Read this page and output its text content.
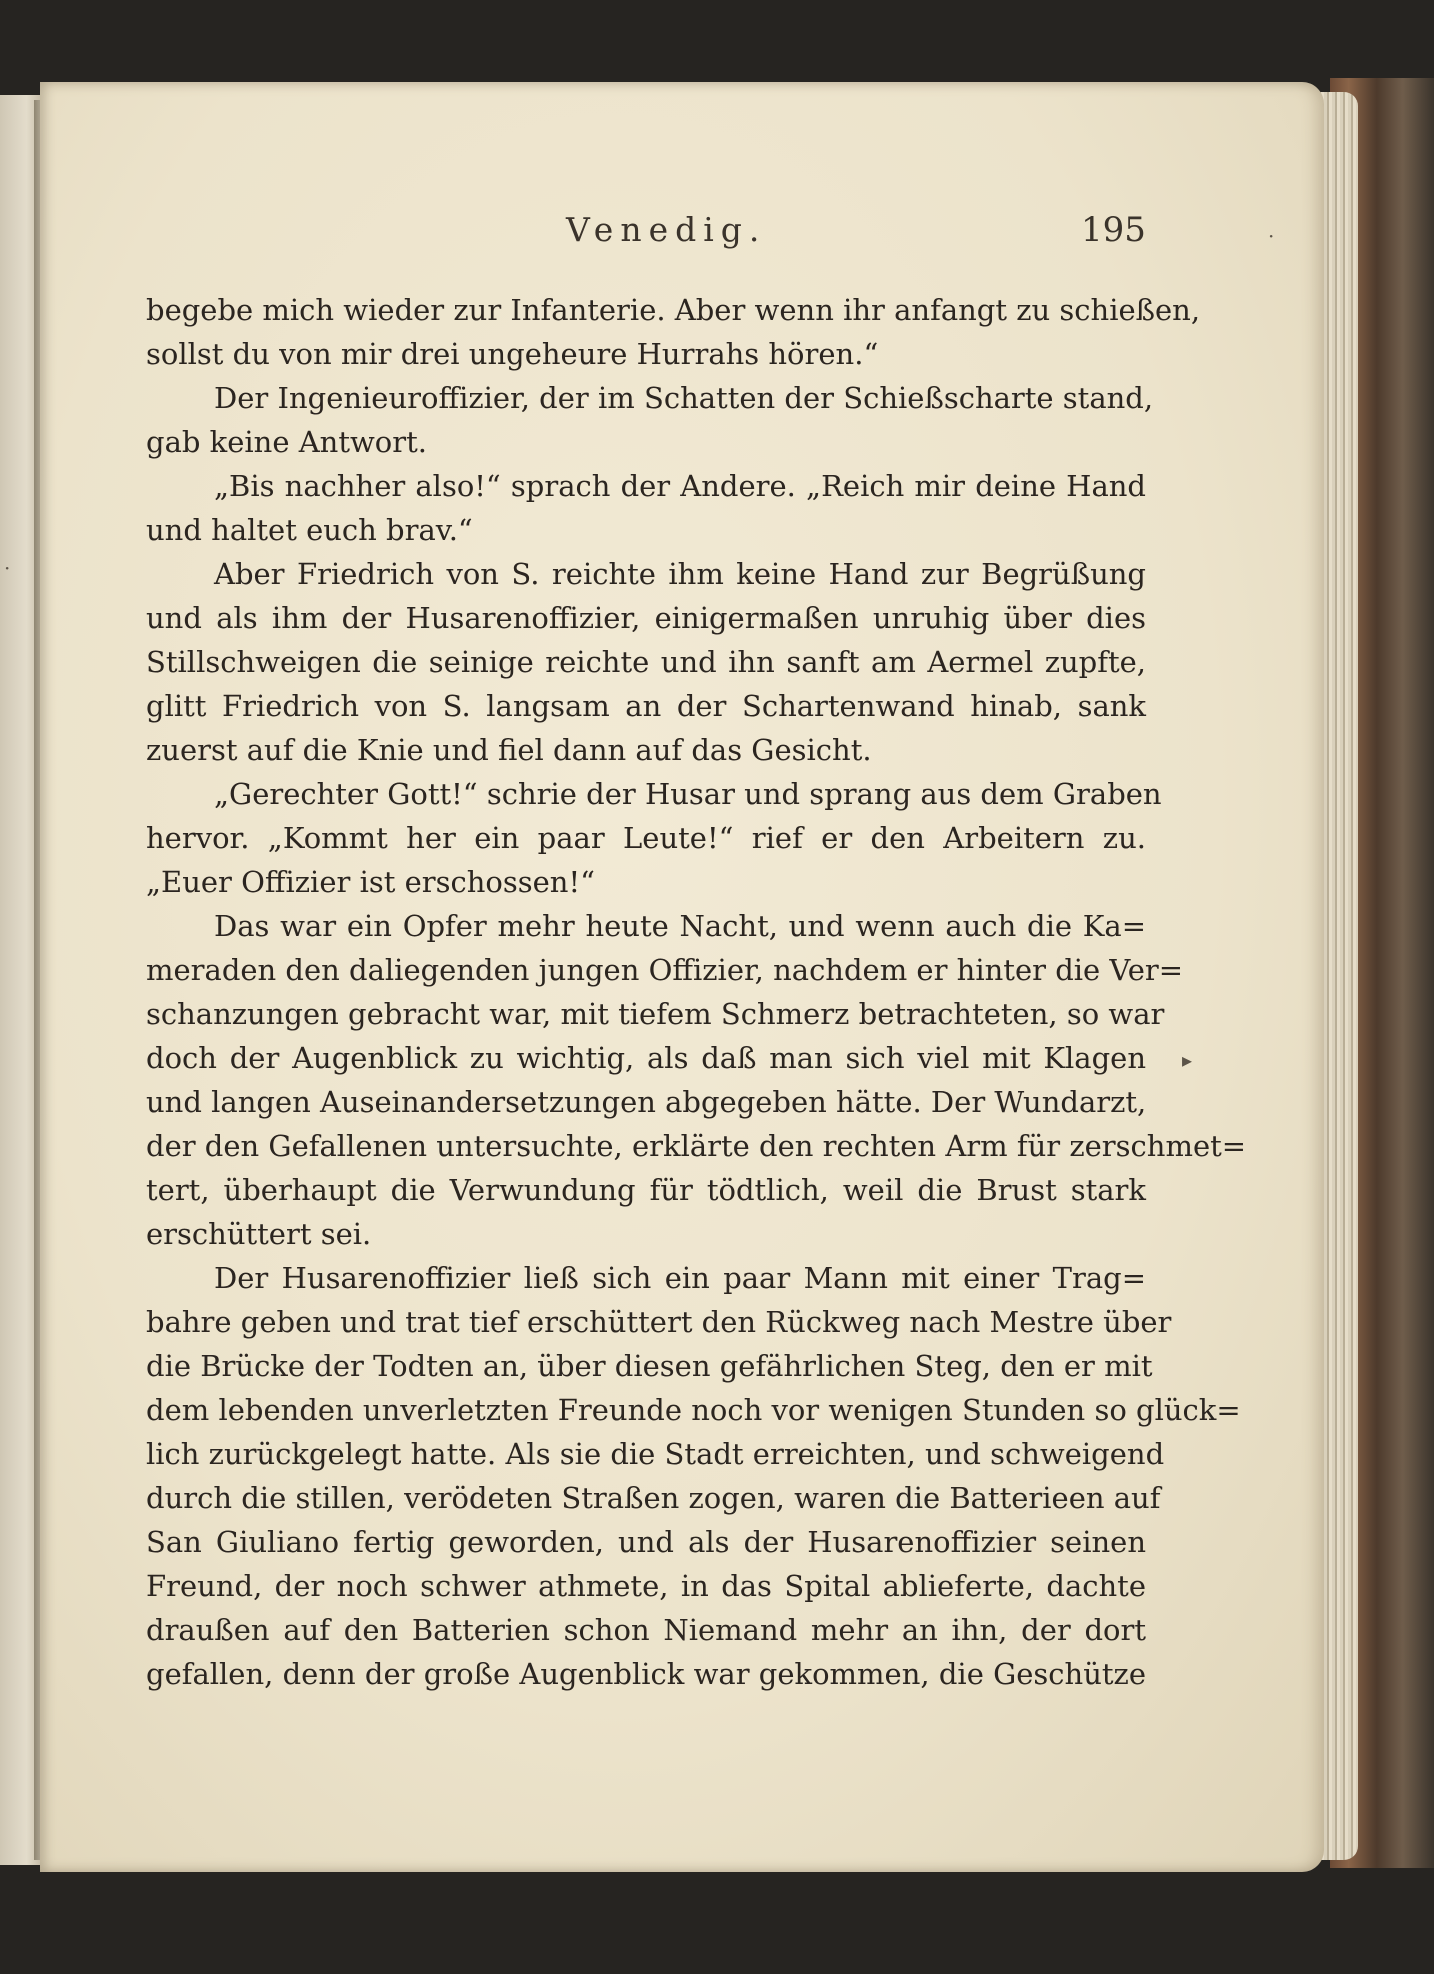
Venedig.	195	·
·
▸
begebe mich wieder zur Infanterie. Aber wenn ihr anfangt zu schießen,
sollst du von mir drei ungeheure Hurrahs hören.“
Der Ingenieuroffizier, der im Schatten der Schießscharte stand,
gab keine Antwort.
„Bis nachher also!“ sprach der Andere. „Reich mir deine Hand
und haltet euch brav.“
Aber Friedrich von S. reichte ihm keine Hand zur Begrüßung
und als ihm der Husarenoffizier, einigermaßen unruhig über dies
Stillschweigen die seinige reichte und ihn sanft am Aermel zupfte,
glitt Friedrich von S. langsam an der Schartenwand hinab, sank
zuerst auf die Knie und fiel dann auf das Gesicht.
„Gerechter Gott!“ schrie der Husar und sprang aus dem Graben
hervor. „Kommt her ein paar Leute!“ rief er den Arbeitern zu.
„Euer Offizier ist erschossen!“
Das war ein Opfer mehr heute Nacht, und wenn auch die Ka=
meraden den daliegenden jungen Offizier, nachdem er hinter die Ver=
schanzungen gebracht war, mit tiefem Schmerz betrachteten, so war
doch der Augenblick zu wichtig, als daß man sich viel mit Klagen
und langen Auseinandersetzungen abgegeben hätte. Der Wundarzt,
der den Gefallenen untersuchte, erklärte den rechten Arm für zerschmet=
tert, überhaupt die Verwundung für tödtlich, weil die Brust stark
erschüttert sei.
Der Husarenoffizier ließ sich ein paar Mann mit einer Trag=
bahre geben und trat tief erschüttert den Rückweg nach Mestre über
die Brücke der Todten an, über diesen gefährlichen Steg, den er mit
dem lebenden unverletzten Freunde noch vor wenigen Stunden so glück=
lich zurückgelegt hatte. Als sie die Stadt erreichten, und schweigend
durch die stillen, verödeten Straßen zogen, waren die Batterieen auf
San Giuliano fertig geworden, und als der Husarenoffizier seinen
Freund, der noch schwer athmete, in das Spital ablieferte, dachte
draußen auf den Batterien schon Niemand mehr an ihn, der dort
gefallen, denn der große Augenblick war gekommen, die Geschütze
